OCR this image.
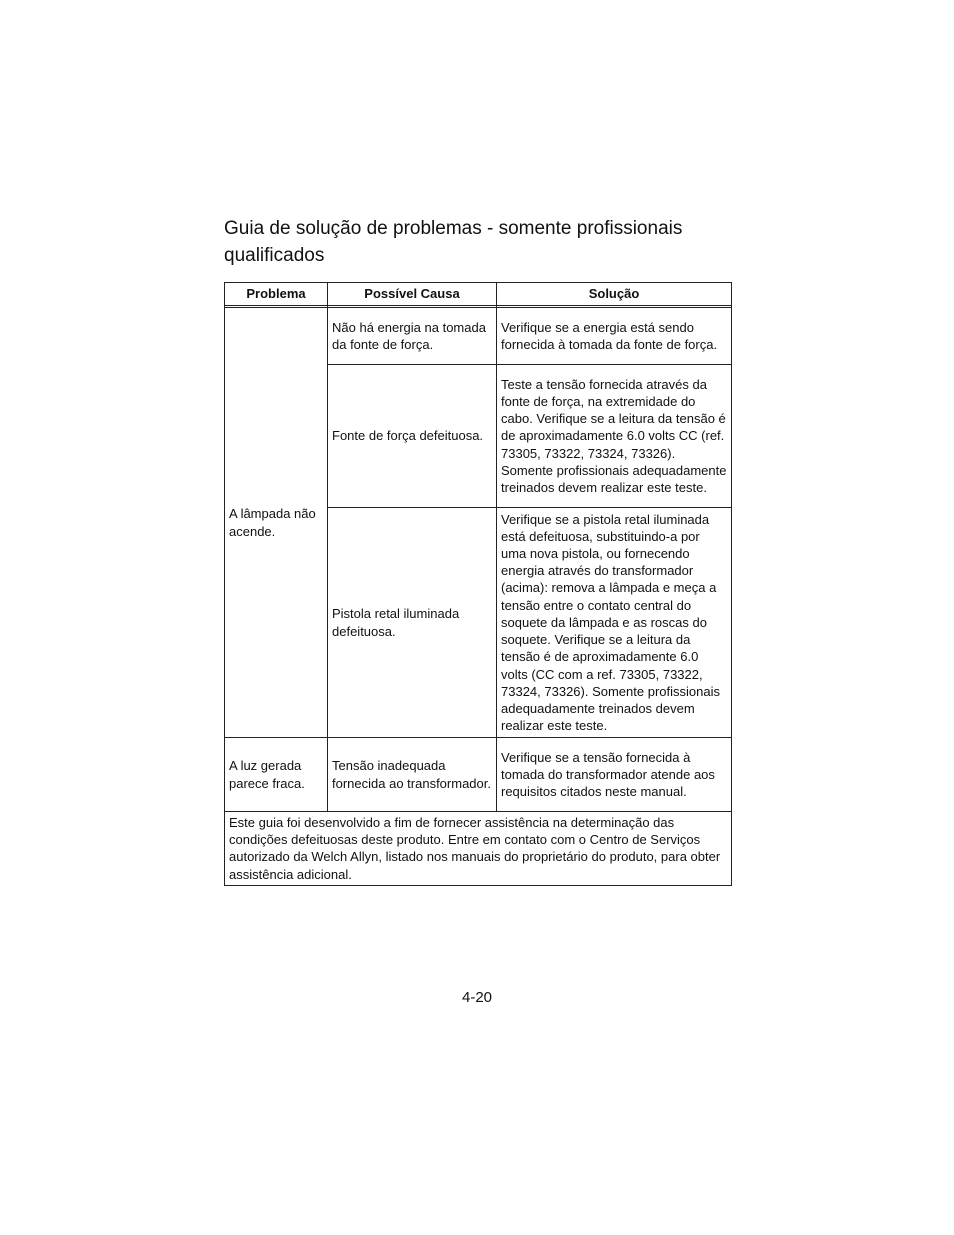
Guia de solução de problemas - somente profissionais qualificados
Problema	Possível Causa	Solução

A lâmpada não acende.	Não há energia na tomada da fonte de força.	Verifique se a energia está sendo fornecida à tomada da fonte de força.
	Fonte de força defeituosa.	Teste a tensão fornecida através da fonte de força, na extremidade do cabo. Verifique se a leitura da tensão é de aproximadamente 6.0 volts CC (ref. 73305, 73322, 73324, 73326). Somente profissionais adequadamente treinados devem realizar este teste.
	Pistola retal iluminada defeituosa.	Verifique se a pistola retal iluminada está defeituosa, substituindo-a por uma nova pistola, ou fornecendo energia através do transformador (acima): remova a lâmpada e meça a tensão entre o contato central do soquete da lâmpada e as roscas do soquete. Verifique se a leitura da tensão é de aproximadamente 6.0 volts (CC com a ref. 73305, 73322, 73324, 73326). Somente profissionais adequadamente treinados devem realizar este teste.
A luz gerada parece fraca.	Tensão inadequada fornecida ao transformador.	Verifique se a tensão fornecida à tomada do transformador atende aos requisitos citados neste manual.
Este guia foi desenvolvido a fim de fornecer assistência na determinação das condições defeituosas deste produto. Entre em contato com o Centro de Serviços autorizado da Welch Allyn, listado nos manuais do proprietário do produto, para obter assistência adicional.		
4-20
